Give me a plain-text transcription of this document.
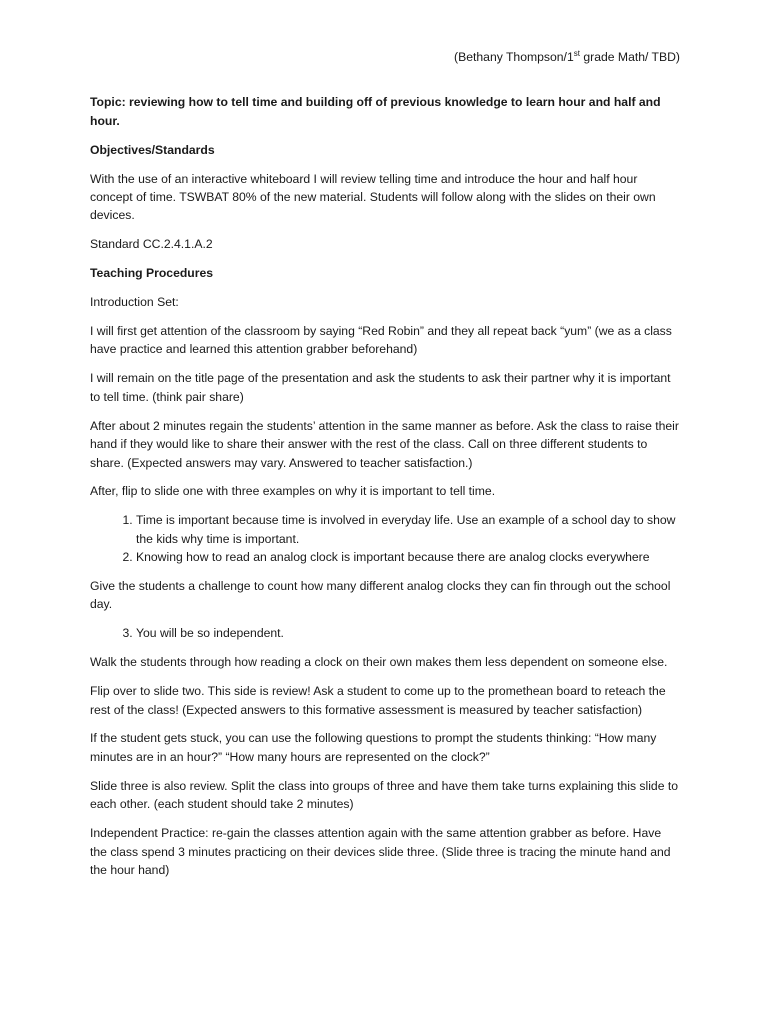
(Bethany Thompson/1st grade Math/ TBD)

Topic: reviewing how to tell time and building off of previous knowledge to learn hour and half and hour.

Objectives/Standards

With the use of an interactive whiteboard I will review telling time and introduce the hour and half hour concept of time. TSWBAT 80% of the new material. Students will follow along with the slides on their own devices.

Standard CC.2.4.1.A.2

Teaching Procedures

Introduction Set:

I will first get attention of the classroom by saying “Red Robin” and they all repeat back “yum” (we as a class have practice and learned this attention grabber beforehand)

I will remain on the title page of the presentation and ask the students to ask their partner why it is important to tell time. (think pair share)

After about 2 minutes regain the students’ attention in the same manner as before. Ask the class to raise their hand if they would like to share their answer with the rest of the class. Call on three different students to share. (Expected answers may vary. Answered to teacher satisfaction.)

After, flip to slide one with three examples on why it is important to tell time.

1. Time is important because time is involved in everyday life. Use an example of a school day to show the kids why time is important.
2. Knowing how to read an analog clock is important because there are analog clocks everywhere

Give the students a challenge to count how many different analog clocks they can fin through out the school day.

3. You will be so independent.

Walk the students through how reading a clock on their own makes them less dependent on someone else.

Flip over to slide two. This side is review! Ask a student to come up to the promethean board to reteach the rest of the class! (Expected answers to this formative assessment is measured by teacher satisfaction)

If the student gets stuck, you can use the following questions to prompt the students thinking: “How many minutes are in an hour?” “How many hours are represented on the clock?”

Slide three is also review. Split the class into groups of three and have them take turns explaining this slide to each other. (each student should take 2 minutes)

Independent Practice: re-gain the classes attention again with the same attention grabber as before. Have the class spend 3 minutes practicing on their devices slide three. (Slide three is tracing the minute hand and the hour hand)
